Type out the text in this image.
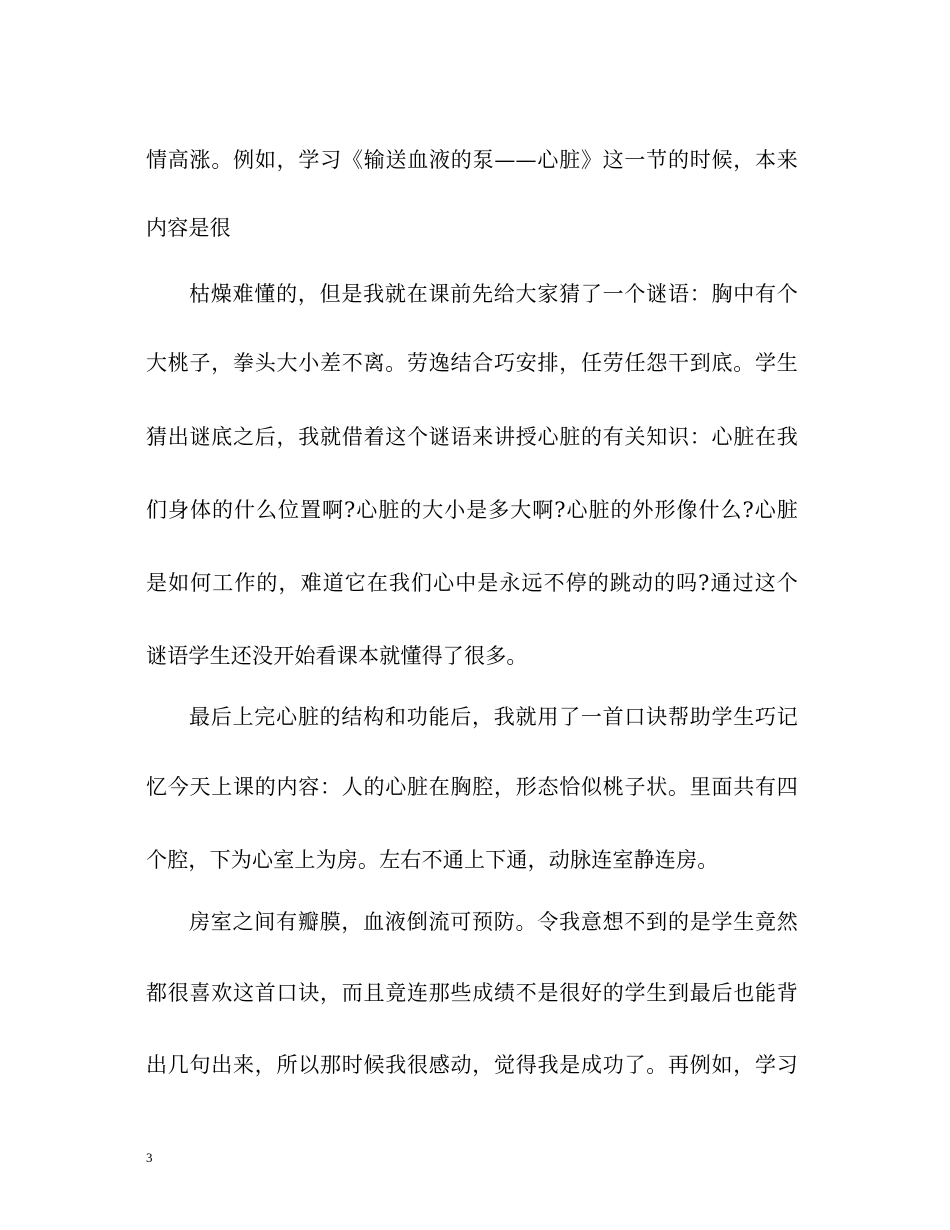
情高涨。例如，学习《输送血液的泵——心脏》这一节的时候，本来
内容是很
枯燥难懂的，但是我就在课前先给大家猜了一个谜语：胸中有个
大桃子，拳头大小差不离。劳逸结合巧安排，任劳任怨干到底。学生
猜出谜底之后，我就借着这个谜语来讲授心脏的有关知识：心脏在我
们身体的什么位置啊?心脏的大小是多大啊?心脏的外形像什么?心脏
是如何工作的，难道它在我们心中是永远不停的跳动的吗?通过这个
谜语学生还没开始看课本就懂得了很多。
最后上完心脏的结构和功能后，我就用了一首口诀帮助学生巧记
忆今天上课的内容：人的心脏在胸腔，形态恰似桃子状。里面共有四
个腔，下为心室上为房。左右不通上下通，动脉连室静连房。
房室之间有瓣膜，血液倒流可预防。令我意想不到的是学生竟然
都很喜欢这首口诀，而且竟连那些成绩不是很好的学生到最后也能背
出几句出来，所以那时候我很感动，觉得我是成功了。再例如，学习
3
